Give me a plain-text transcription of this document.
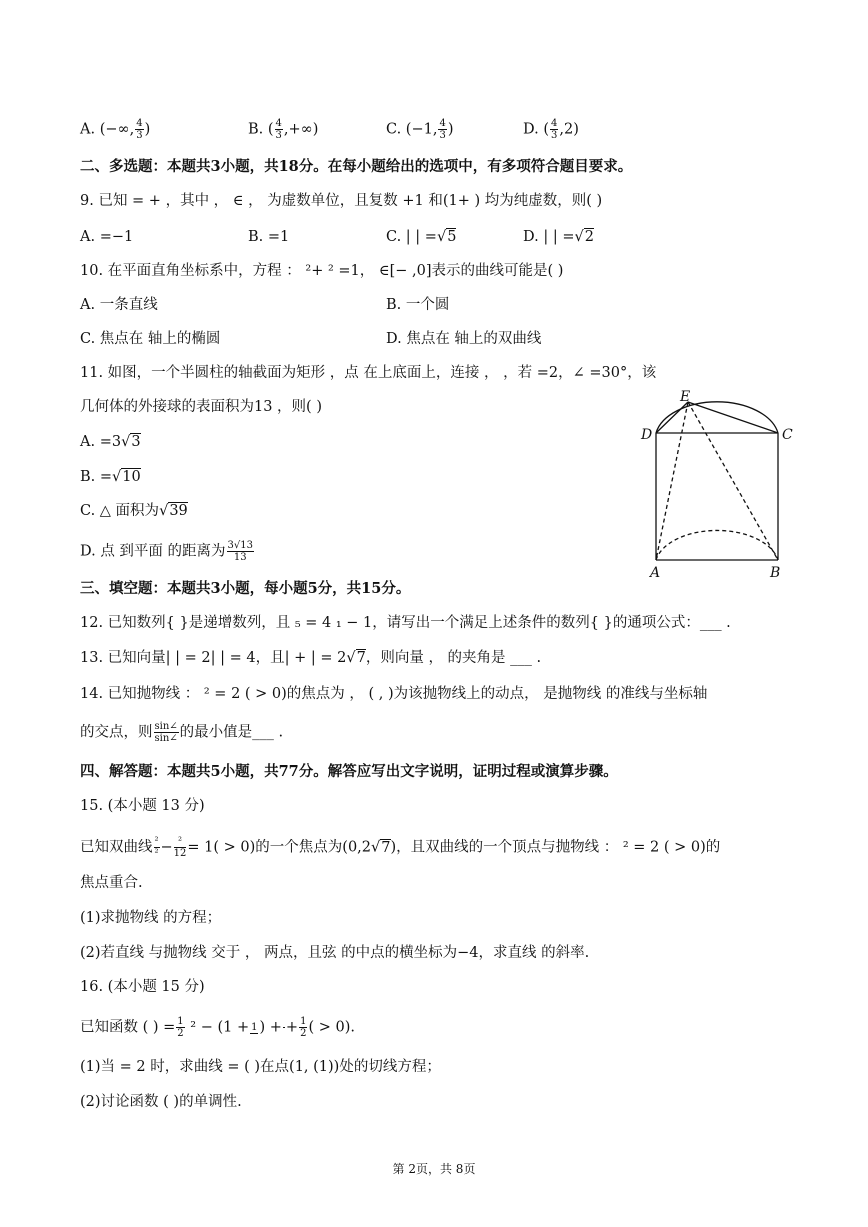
A. (−∞, $\frac{4}{3}$ )	B. ( $\frac{4}{3}$ ,+∞)	C. (−1, $\frac{4}{3}$ )	D. ( $\frac{4}{3} ,2$)
二、多选题：本题共3小题，共18分。在每小题给出的选项中，有多项符合题目要求。
9. 已知 = + ，其中 ， ∈ ， 为虚数单位，且复数 +1 和(1+ ) 均为纯虚数，则( )
A. =−1	B. =1	C. | | =√5	D. | | =√2
10. 在平面直角坐标系中，方程 ： ²+ ² =1， ∈[− ,0]表示的曲线可能是( )
A. 一条直线	B. 一个圆
C. 焦点在 轴上的椭圆	D. 焦点在 轴上的双曲线
11. 如图，一个半圆柱的轴截面为矩形 ，点 在上底面上，连接 ， ，若 =2，∠ =30°，该
几何体的外接球的表面积为13 ，则( )
A. =3√3
B. =√10
C. △ 面积为√39
D. 点 到平面 的距离为 $\frac{3√13}{13}$
E
D	C
A	B
三、填空题：本题共3小题，每小题5分，共15分。
12. 已知数列{ }是递增数列，且 ₅ = 4 ₁ − 1，请写出一个满足上述条件的数列{ }的通项公式：___ .
13. 已知向量| | = 2| | = 4，且| + | = 2√7，则向量 ， 的夹角是 ___ .
14. 已知抛物线 ： ² = 2 ( > 0)的焦点为 ， ( , )为该抛物线上的动点， 是抛物线 的准线与坐标轴
的交点，则 $\frac{\sin\angle}{\sin\angle}$ 的最小值是___ .
四、解答题：本题共5小题，共77分。解答应写出文字说明，证明过程或演算步骤。
15. (本小题 13 分)
已知双曲线 $\frac{\text{²}}{\text{²}} - \frac{\text{²}}{12} = 1( > 0)$的一个焦点为(0,2√7)，且双曲线的一个顶点与抛物线 ： ² = 2 ( > 0)的
焦点重合.
(1)求抛物线 的方程；
(2)若直线 与抛物线 交于 ， 两点，且弦 的中点的横坐标为−4，求直线 的斜率.
16. (本小题 15 分)
已知函数 ( ) = $\frac{1}{2} ^2 - (1 + 1$ ) + + $\frac{1}{2}$ ( > 0).
(1)当 = 2 时，求曲线 = ( )在点(1, (1))处的切线方程；
(2)讨论函数 ( )的单调性.
第 2页，共 8页
